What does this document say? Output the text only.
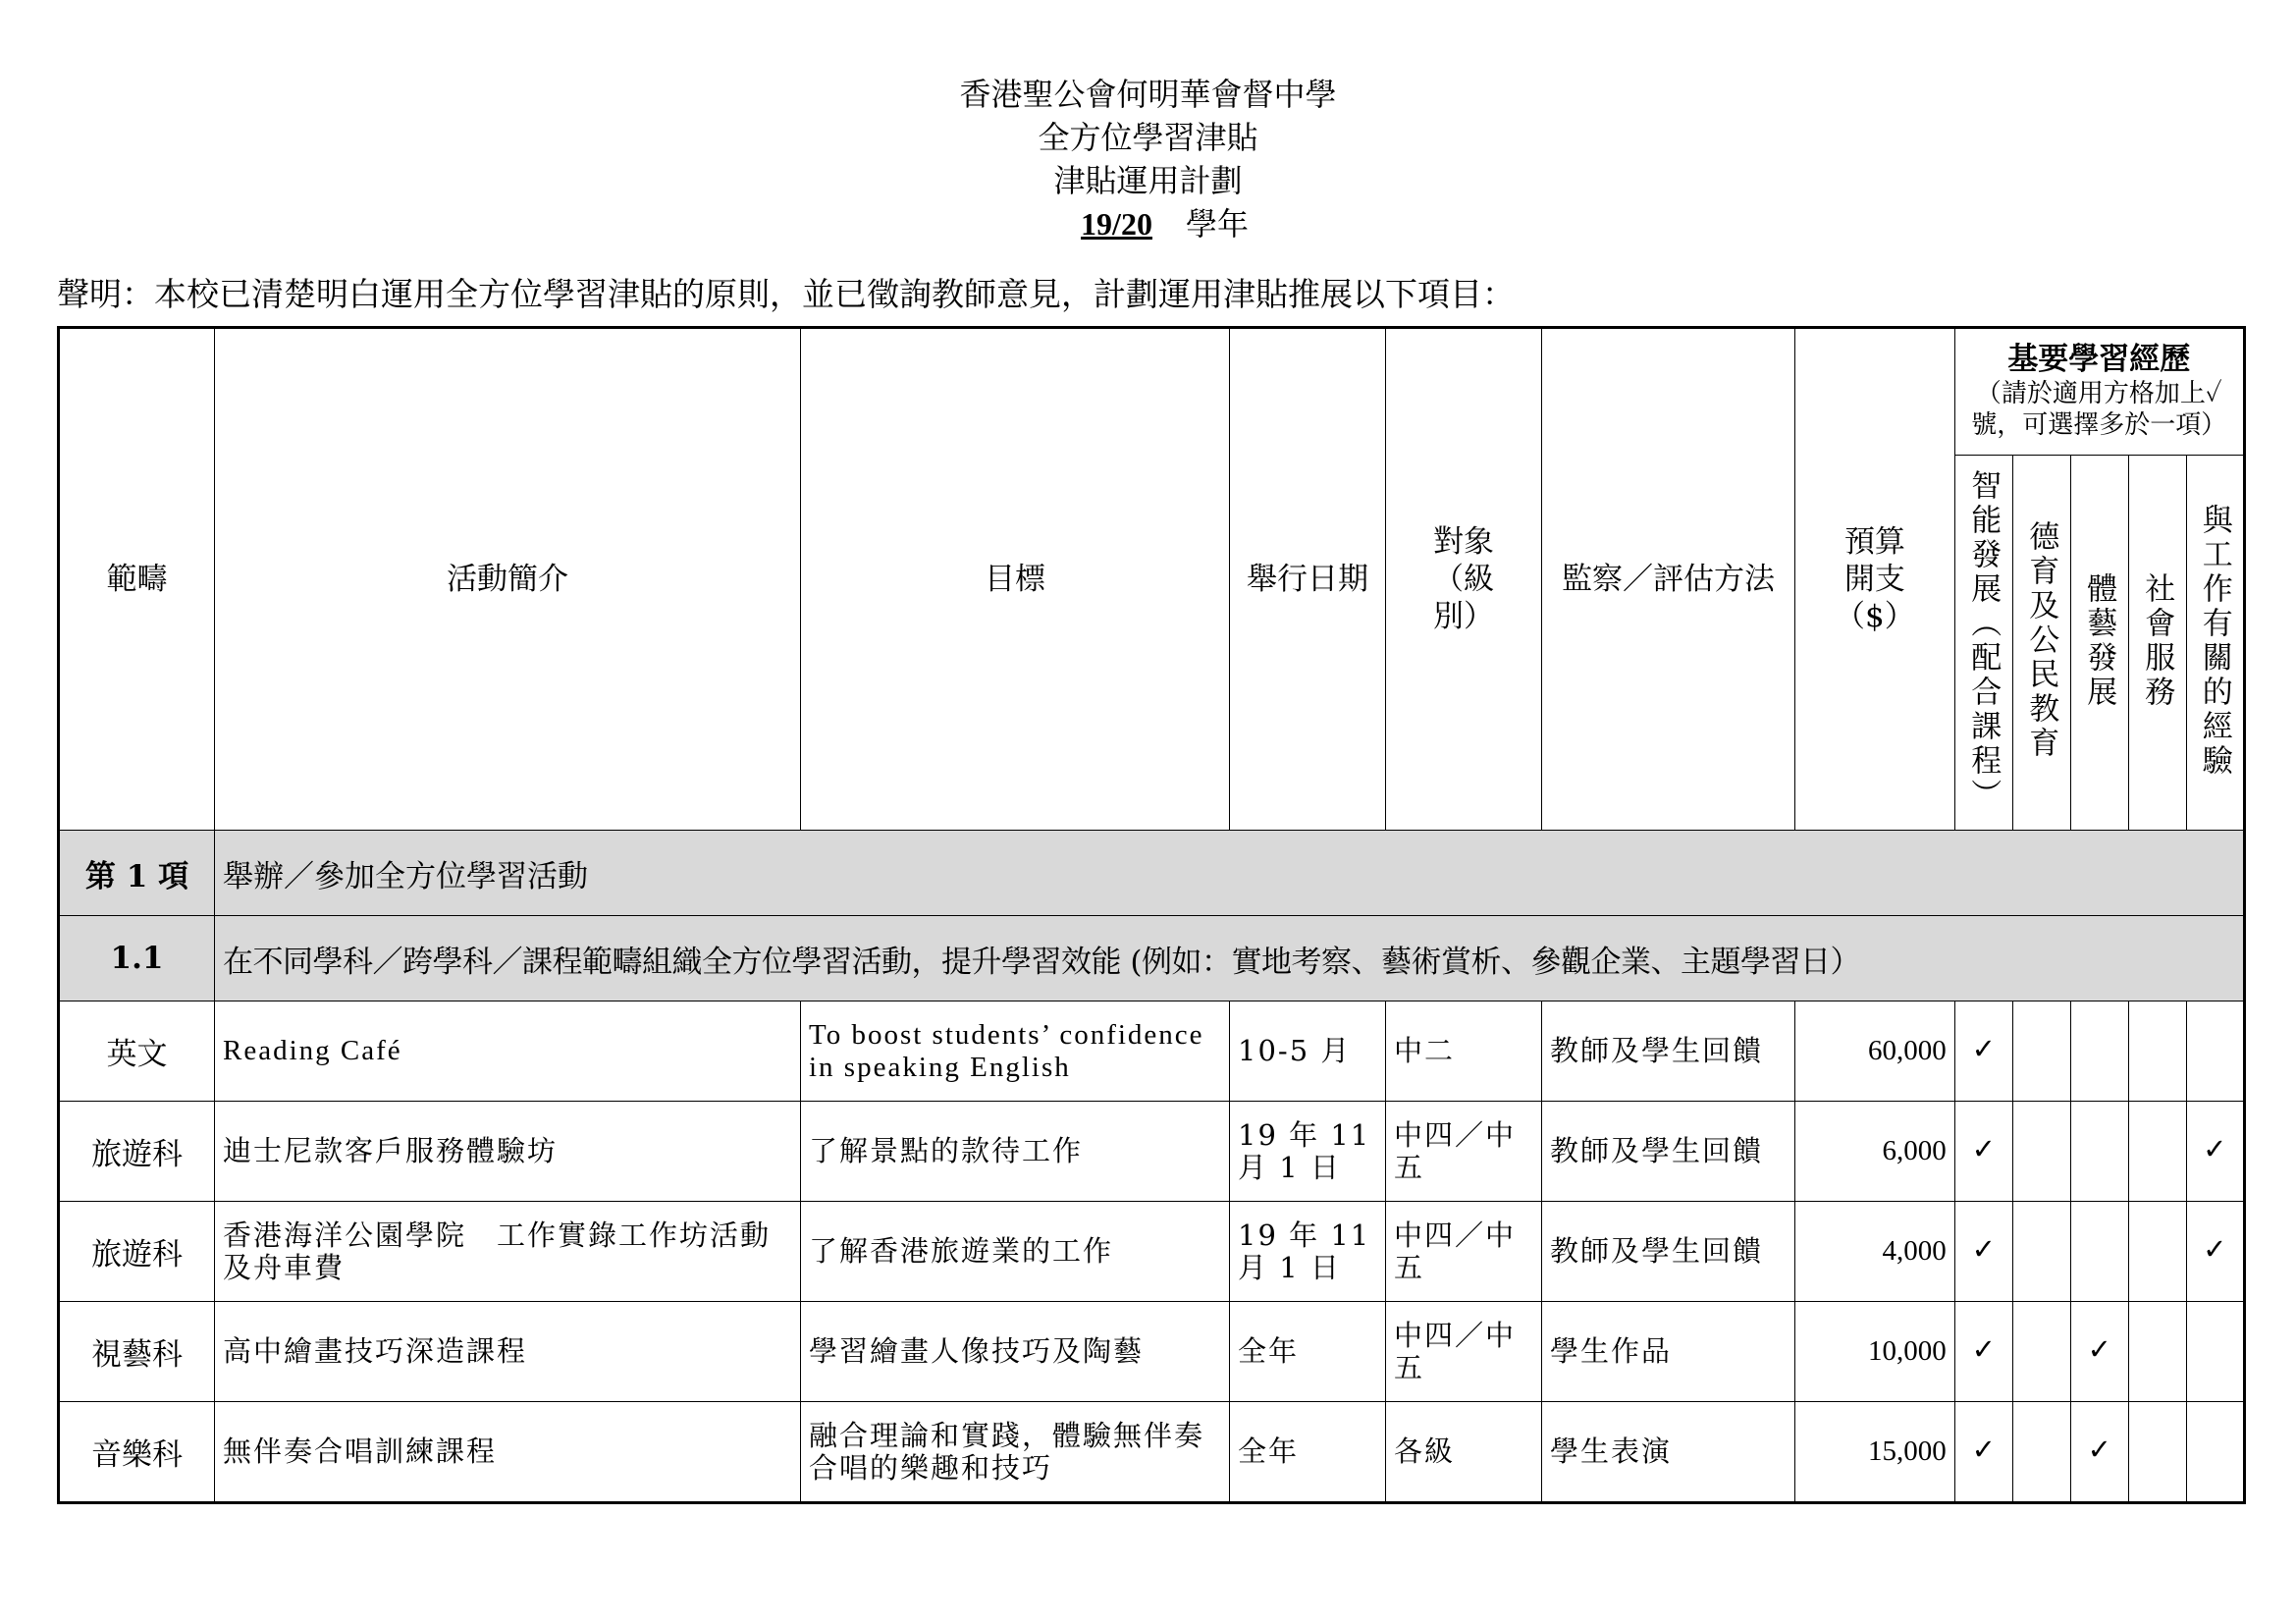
香港聖公會何明華會督中學
全方位學習津貼
津貼運用計劃
19/20 學年
聲明：本校已清楚明白運用全方位學習津貼的原則，並已徵詢教師意見，計劃運用津貼推展以下項目：
範疇	活動簡介	目標	舉行日期	對象（級別）	監察／評估方法	預算開支（$）	基要學習經歷
（請於適用方格加上✓號，可選擇多於一項）				

							智能發展（配合課程）	德育及公民教育	體藝發展	社會服務	與工作有關的經驗
第 1 項	舉辦／參加全方位學習活動										
1.1	在不同學科／跨學科／課程範疇組織全方位學習活動，提升學習效能 (例如：實地考察、藝術賞析、參觀企業、主題學習日）										
英文	Reading Café	To boost students’ confidence in speaking English	10-5 月	中二	教師及學生回饋	60,000	✓				
旅遊科	迪士尼款客戶服務體驗坊	了解景點的款待工作	19 年 11 月 1 日	中四／中五	教師及學生回饋	6,000	✓				✓
旅遊科	香港海洋公園學院　工作實錄工作坊活動及舟車費	了解香港旅遊業的工作	19 年 11 月 1 日	中四／中五	教師及學生回饋	4,000	✓				✓
視藝科	高中繪畫技巧深造課程	學習繪畫人像技巧及陶藝	全年	中四／中五	學生作品	10,000	✓		✓		
音樂科	無伴奏合唱訓練課程	融合理論和實踐，體驗無伴奏合唱的樂趣和技巧	全年	各級	學生表演	15,000	✓		✓		
